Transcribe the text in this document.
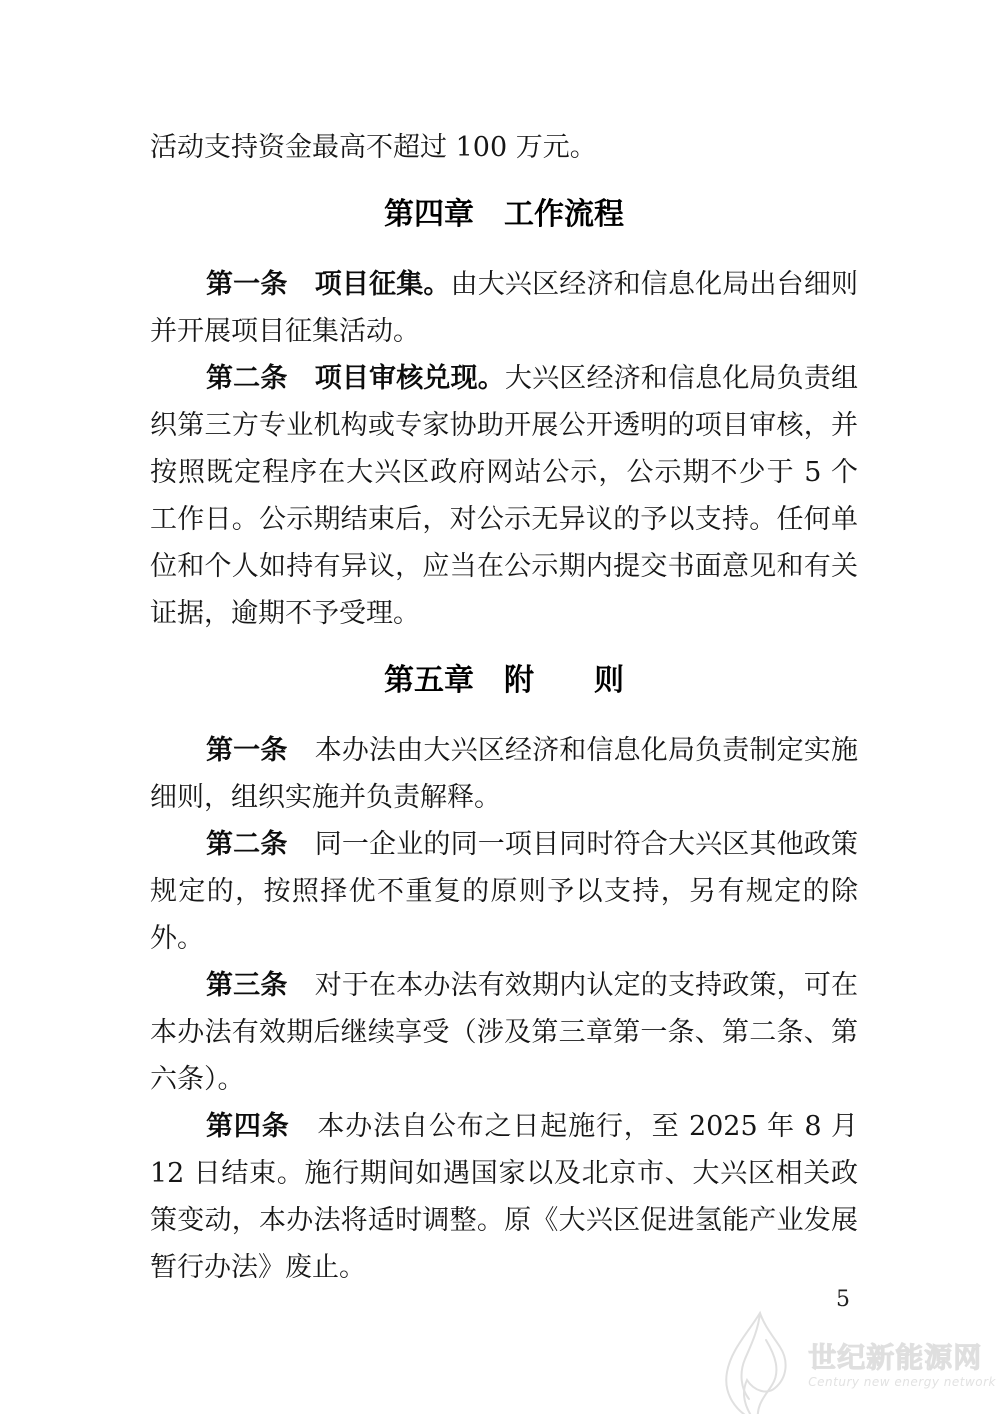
活动支持资金最高不超过 100 万元。

第四章　工作流程

第一条　项目征集。由大兴区经济和信息化局出台细则并开展项目征集活动。

第二条　项目审核兑现。大兴区经济和信息化局负责组织第三方专业机构或专家协助开展公开透明的项目审核，并按照既定程序在大兴区政府网站公示，公示期不少于 5 个工作日。公示期结束后，对公示无异议的予以支持。任何单位和个人如持有异议，应当在公示期内提交书面意见和有关证据，逾期不予受理。

第五章　附　　则

第一条　本办法由大兴区经济和信息化局负责制定实施细则，组织实施并负责解释。

第二条　同一企业的同一项目同时符合大兴区其他政策规定的，按照择优不重复的原则予以支持，另有规定的除外。

第三条　对于在本办法有效期内认定的支持政策，可在本办法有效期后继续享受（涉及第三章第一条、第二条、第六条）。

第四条　本办法自公布之日起施行，至 2025 年 8 月 12 日结束。施行期间如遇国家以及北京市、大兴区相关政策变动，本办法将适时调整。原《大兴区促进氢能产业发展暂行办法》废止。

5
世纪新能源网
Century new energy network
